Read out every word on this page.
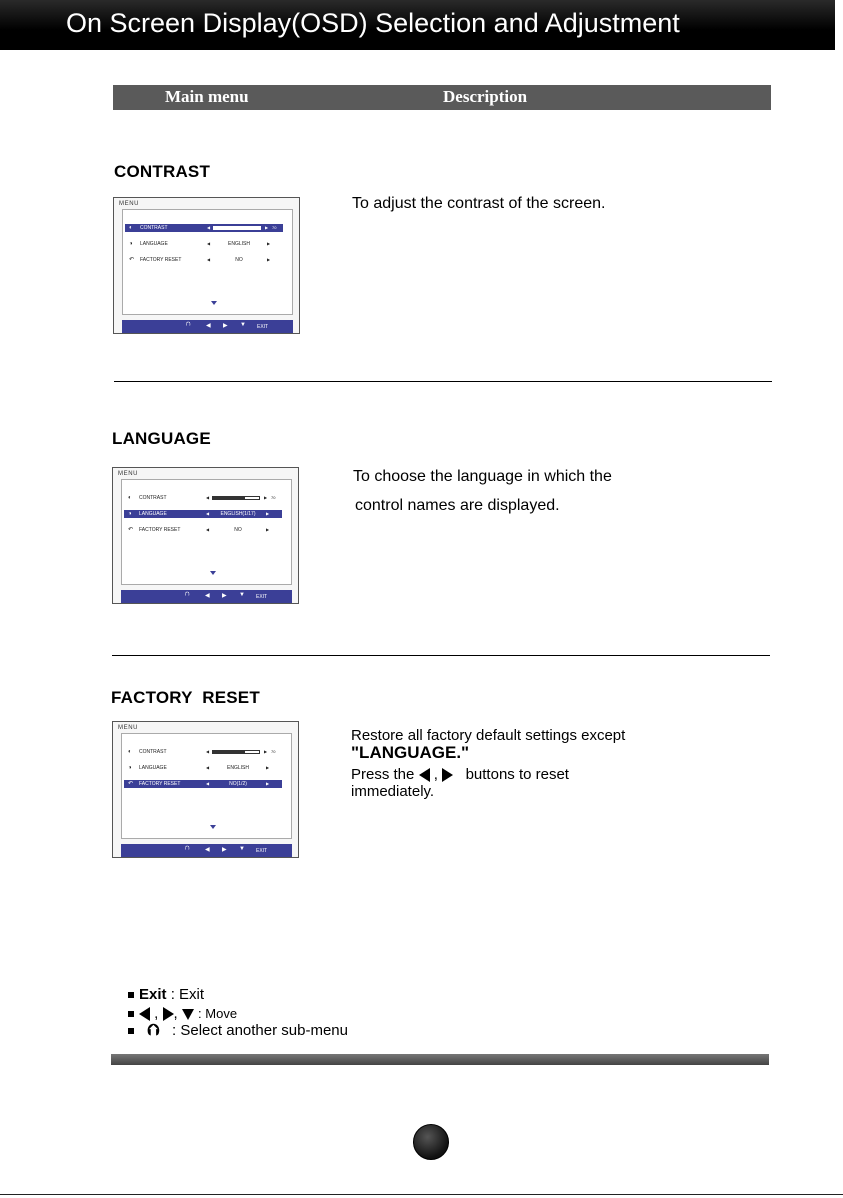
On Screen Display(OSD) Selection and Adjustment
Main menu	Description
CONTRAST
MENU
◐ CONTRAST	◀	▶ 70
◑ LANGUAGE	◀	ENGLISH	▶
↶ FACTORY RESET	◀	NO	▶
⮉	◀ ▶ ▼ EXIT

To adjust the contrast of the screen.

LANGUAGE
MENU
◐ CONTRAST	◀	▶ 70
◑ LANGUAGE	◀	ENGLISH(1/17)	▶
↶ FACTORY RESET	◀	NO	▶
⮉	◀ ▶ ▼ EXIT

To choose the language in which the

control names are displayed.

FACTORY  RESET
MENU
◐ CONTRAST	◀	▶ 70
◑ LANGUAGE	◀	ENGLISH	▶
↶ FACTORY RESET	◀	NO(1/2)	▶
⮉	◀ ▶ ▼ EXIT

Restore all factory default settings except

"LANGUAGE."

Press the , buttons to reset

immediately.

Exit : Exit
, , : Move
⮉ : Select another sub-menu
